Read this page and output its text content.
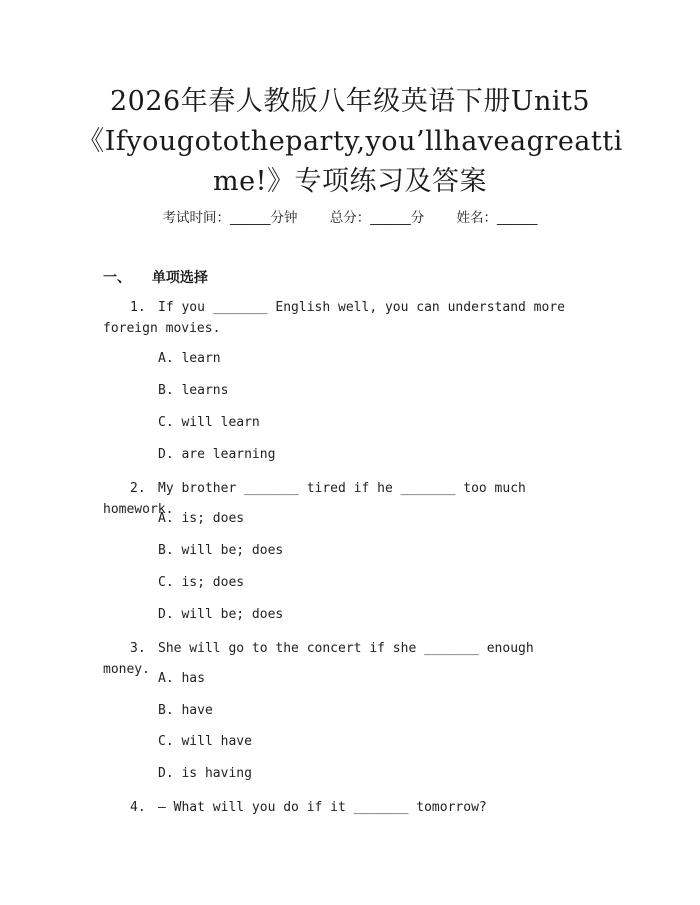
2026年春人教版八年级英语下册Unit5
《Ifyougototheparty,you’llhaveagreatti
me!》专项练习及答案
考试时间：______分钟 总分：______分 姓名：______
一、 单项选择
1. If you _______ English well, you can understand more foreign movies.
A. learn
B. learns
C. will learn
D. are learning
2. My brother _______ tired if he _______ too much homework.
A. is; does
B. will be; does
C. is; does
D. will be; does
3. She will go to the concert if she _______ enough money.
A. has
B. have
C. will have
D. is having
4. — What will you do if it _______ tomorrow?
